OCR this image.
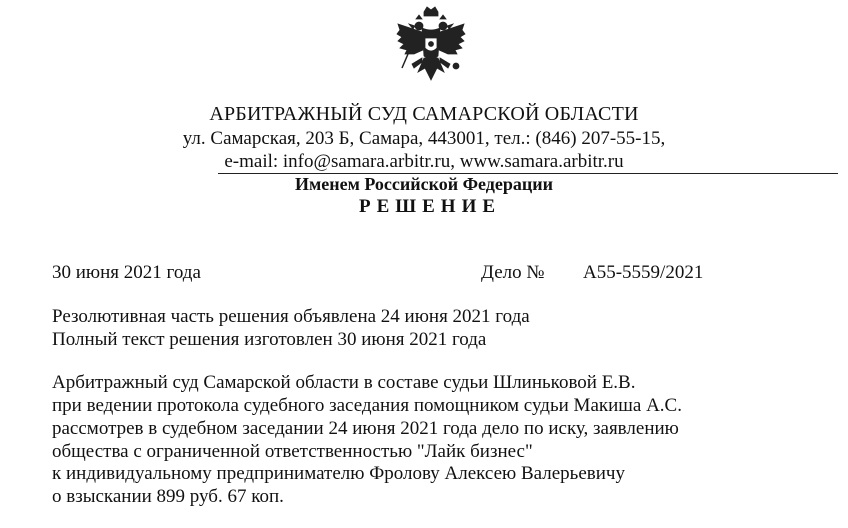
АРБИТРАЖНЫЙ СУД САМАРСКОЙ ОБЛАСТИ
ул. Самарская, 203 Б, Самара, 443001, тел.: (846) 207-55-15,
e-mail: info@samara.arbitr.ru, www.samara.arbitr.ru
Именем Российской Федерации
РЕШЕНИЕ
30 июня 2021 года	Дело № А55-5559/2021
Резолютивная часть решения объявлена 24 июня 2021 года
Полный текст решения изготовлен 30 июня 2021 года
Арбитражный суд Самарской области в составе судьи Шлиньковой Е.В.
при ведении протокола судебного заседания помощником судьи Макиша А.С.
рассмотрев в судебном заседании 24 июня 2021 года дело по иску, заявлению
общества с ограниченной ответственностью "Лайк бизнес"
к индивидуальному предпринимателю Фролову Алексею Валерьевичу
о взыскании 899 руб. 67 коп.
